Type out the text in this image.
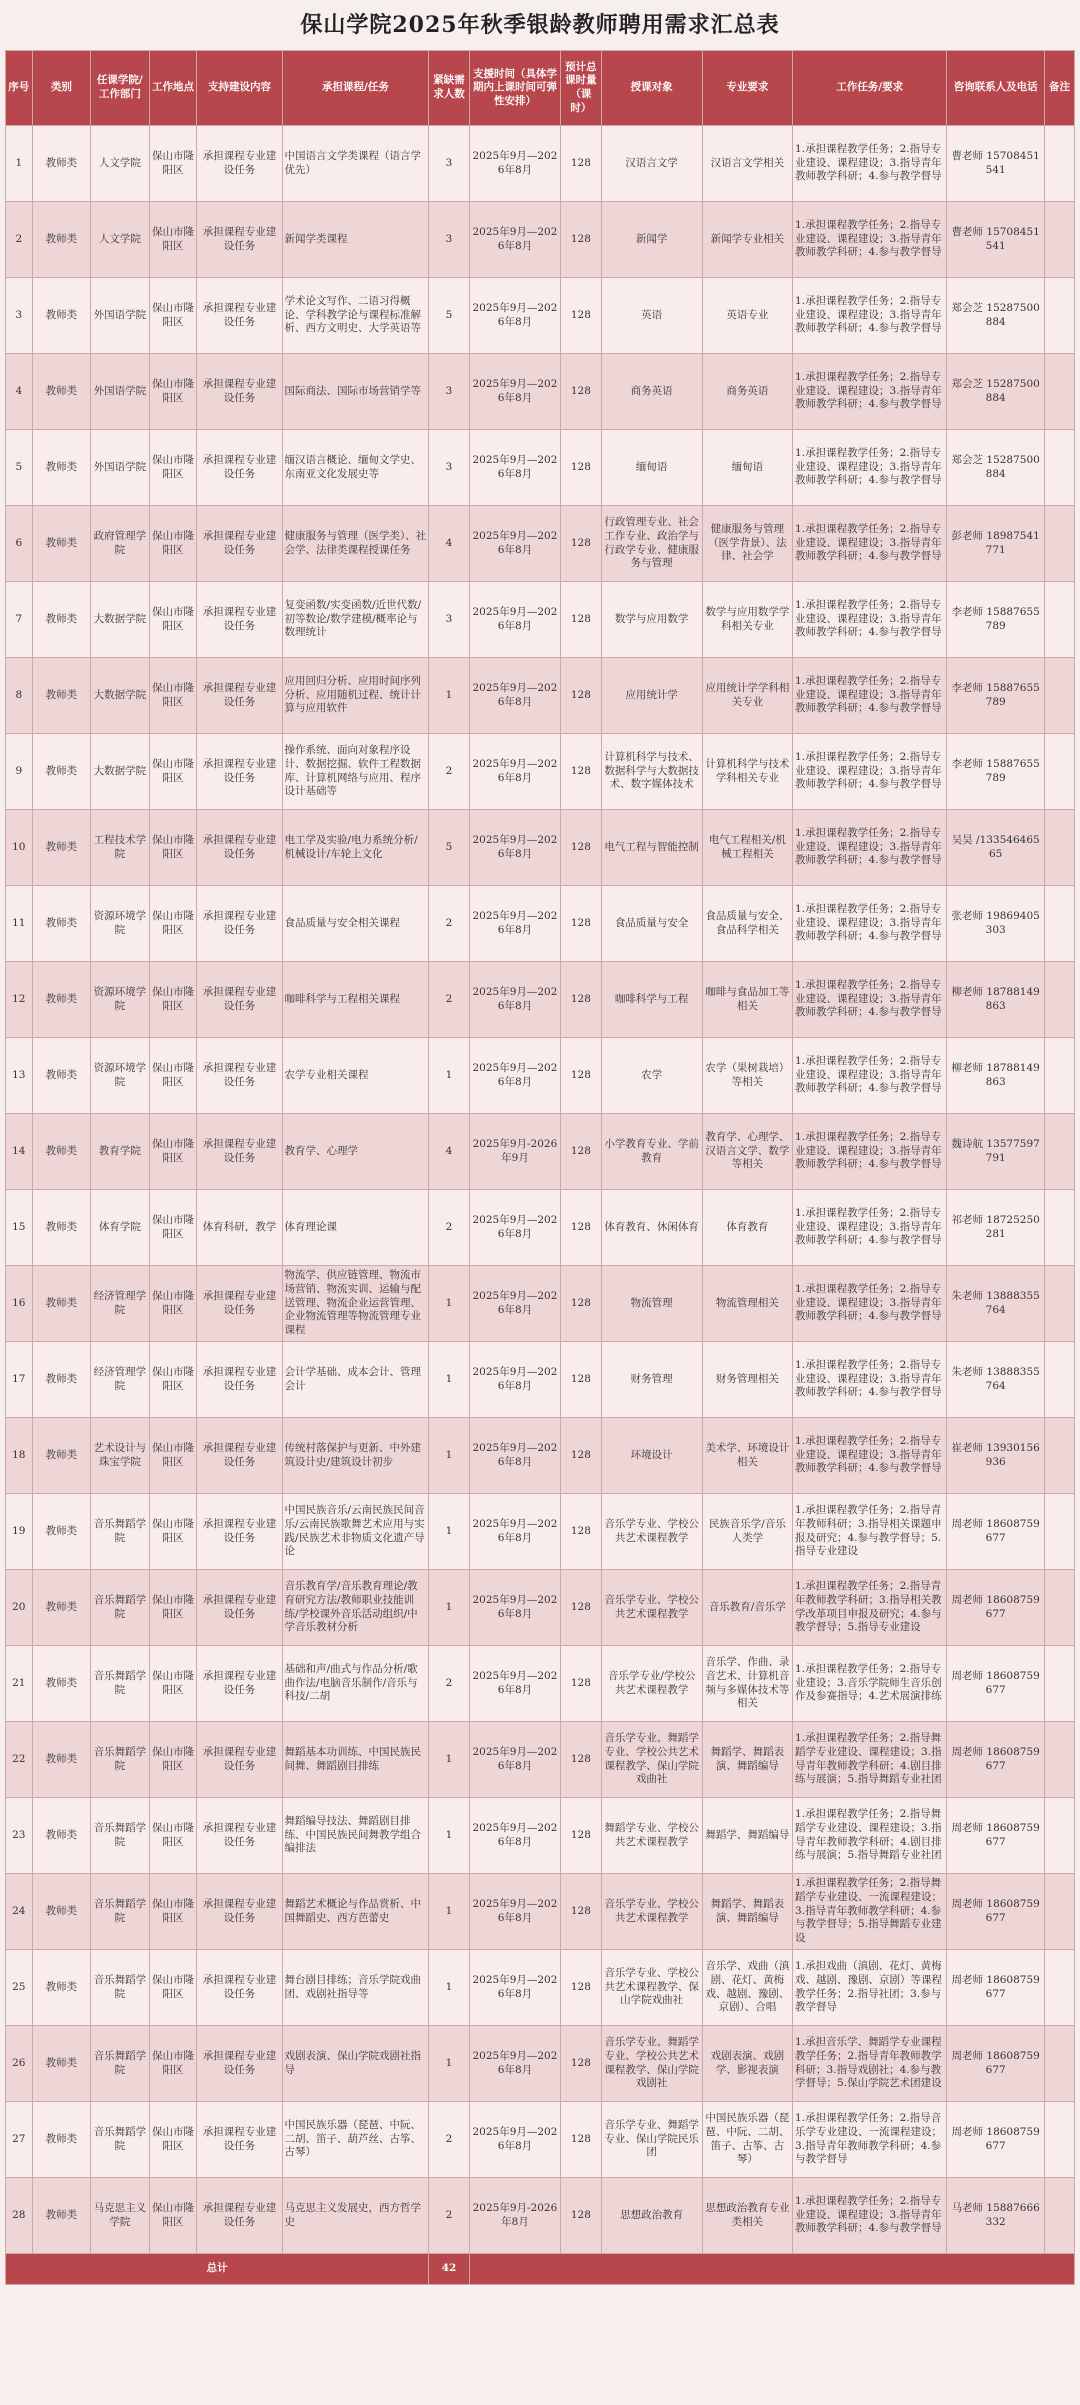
保山学院2025年秋季银龄教师聘用需求汇总表
序号	类别	任课学院/工作部门	工作地点	支持建设内容	承担课程/任务	紧缺需求人数	支援时间（具体学期内上课时间可弹性安排）	预计总课时量（课时）	授课对象	专业要求	工作任务/要求	咨询联系人及电话	备注
1	教师类	人文学院	保山市隆阳区	承担课程专业建设任务	中国语言文学类课程（语言学优先）	3	2025年9月—2026年8月	128	汉语言文学	汉语言文学相关	1.承担课程教学任务；2.指导专业建设、课程建设；3.指导青年教师教学科研；4.参与教学督导	曹老师 15708451541	
2	教师类	人文学院	保山市隆阳区	承担课程专业建设任务	新闻学类课程	3	2025年9月—2026年8月	128	新闻学	新闻学专业相关	1.承担课程教学任务；2.指导专业建设、课程建设；3.指导青年教师教学科研；4.参与教学督导	曹老师 15708451541	
3	教师类	外国语学院	保山市隆阳区	承担课程专业建设任务	学术论文写作、二语习得概论、学科教学论与课程标准解析、西方文明史、大学英语等	5	2025年9月—2026年8月	128	英语	英语专业	1.承担课程教学任务；2.指导专业建设、课程建设；3.指导青年教师教学科研；4.参与教学督导	郑会芝 15287500884	
4	教师类	外国语学院	保山市隆阳区	承担课程专业建设任务	国际商法、国际市场营销学等	3	2025年9月—2026年8月	128	商务英语	商务英语	1.承担课程教学任务；2.指导专业建设、课程建设；3.指导青年教师教学科研；4.参与教学督导	郑会芝 15287500884	
5	教师类	外国语学院	保山市隆阳区	承担课程专业建设任务	缅汉语言概论、缅甸文学史、东南亚文化发展史等	3	2025年9月—2026年8月	128	缅甸语	缅甸语	1.承担课程教学任务；2.指导专业建设、课程建设；3.指导青年教师教学科研；4.参与教学督导	郑会芝 15287500884	
6	教师类	政府管理学院	保山市隆阳区	承担课程专业建设任务	健康服务与管理（医学类）、社会学、法律类课程授课任务	4	2025年9月—2026年8月	128	行政管理专业、社会工作专业、政治学与行政学专业、健康服务与管理	健康服务与管理（医学背景）、法律、社会学	1.承担课程教学任务；2.指导专业建设、课程建设；3.指导青年教师教学科研；4.参与教学督导	彭老师 18987541771	
7	教师类	大数据学院	保山市隆阳区	承担课程专业建设任务	复变函数/实变函数/近世代数/初等数论/数学建模/概率论与数理统计	3	2025年9月—2026年8月	128	数学与应用数学	数学与应用数学学科相关专业	1.承担课程教学任务；2.指导专业建设、课程建设；3.指导青年教师教学科研；4.参与教学督导	李老师 15887655789	
8	教师类	大数据学院	保山市隆阳区	承担课程专业建设任务	应用回归分析、应用时间序列分析、应用随机过程、统计计算与应用软件	1	2025年9月—2026年8月	128	应用统计学	应用统计学学科相关专业	1.承担课程教学任务；2.指导专业建设、课程建设；3.指导青年教师教学科研；4.参与教学督导	李老师 15887655789	
9	教师类	大数据学院	保山市隆阳区	承担课程专业建设任务	操作系统、面向对象程序设计、数据挖掘、软件工程数据库、计算机网络与应用、程序设计基础等	2	2025年9月—2026年8月	128	计算机科学与技术、数据科学与大数据技术、数字媒体技术	计算机科学与技术学科相关专业	1.承担课程教学任务；2.指导专业建设、课程建设；3.指导青年教师教学科研；4.参与教学督导	李老师 15887655789	
10	教师类	工程技术学院	保山市隆阳区	承担课程专业建设任务	电工学及实验/电力系统分析/机械设计/车轮上文化	5	2025年9月—2026年8月	128	电气工程与智能控制	电气工程相关/机械工程相关	1.承担课程教学任务；2.指导专业建设、课程建设；3.指导青年教师教学科研；4.参与教学督导	吴昊 /13354646565	
11	教师类	资源环境学院	保山市隆阳区	承担课程专业建设任务	食品质量与安全相关课程	2	2025年9月—2026年8月	128	食品质量与安全	食品质量与安全、食品科学相关	1.承担课程教学任务；2.指导专业建设、课程建设；3.指导青年教师教学科研；4.参与教学督导	张老师 19869405303	
12	教师类	资源环境学院	保山市隆阳区	承担课程专业建设任务	咖啡科学与工程相关课程	2	2025年9月—2026年8月	128	咖啡科学与工程	咖啡与食品加工等相关	1.承担课程教学任务；2.指导专业建设、课程建设；3.指导青年教师教学科研；4.参与教学督导	柳老师 18788149863	
13	教师类	资源环境学院	保山市隆阳区	承担课程专业建设任务	农学专业相关课程	1	2025年9月—2026年8月	128	农学	农学（果树栽培）等相关	1.承担课程教学任务；2.指导专业建设、课程建设；3.指导青年教师教学科研；4.参与教学督导	柳老师 18788149863	
14	教师类	教育学院	保山市隆阳区	承担课程专业建设任务	教育学、心理学	4	2025年9月-2026年9月	128	小学教育专业、学前教育	教育学、心理学、汉语言文学、数学等相关	1.承担课程教学任务；2.指导专业建设、课程建设；3.指导青年教师教学科研；4.参与教学督导	魏诗航 13577597791	
15	教师类	体育学院	保山市隆阳区	体育科研，教学	体育理论课	2	2025年9月—2026年8月	128	体育教育、休闲体育	体育教育	1.承担课程教学任务；2.指导专业建设、课程建设；3.指导青年教师教学科研；4.参与教学督导	祁老师 18725250281	
16	教师类	经济管理学院	保山市隆阳区	承担课程专业建设任务	物流学、供应链管理、物流市场营销、物流实训、运输与配送管理、物流企业运营管理、企业物流管理等物流管理专业课程	1	2025年9月—2026年8月	128	物流管理	物流管理相关	1.承担课程教学任务；2.指导专业建设、课程建设；3.指导青年教师教学科研；4.参与教学督导	朱老师 13888355764	
17	教师类	经济管理学院	保山市隆阳区	承担课程专业建设任务	会计学基础、成本会计、管理会计	1	2025年9月—2026年8月	128	财务管理	财务管理相关	1.承担课程教学任务；2.指导专业建设、课程建设；3.指导青年教师教学科研；4.参与教学督导	朱老师 13888355764	
18	教师类	艺术设计与珠宝学院	保山市隆阳区	承担课程专业建设任务	传统村落保护与更新、中外建筑设计史/建筑设计初步	1	2025年9月—2026年8月	128	环境设计	美术学、环境设计相关	1.承担课程教学任务；2.指导专业建设、课程建设；3.指导青年教师教学科研；4.参与教学督导	崔老师 13930156936	
19	教师类	音乐舞蹈学院	保山市隆阳区	承担课程专业建设任务	中国民族音乐/云南民族民间音乐/云南民族歌舞艺术应用与实践/民族艺术非物质文化遗产导论	1	2025年9月—2026年8月	128	音乐学专业、学校公共艺术课程教学	民族音乐学/音乐人类学	1.承担课程教学任务；2.指导青年教师科研；3.指导相关课题申报及研究；4.参与教学督导；5.指导专业建设	周老师 18608759677	
20	教师类	音乐舞蹈学院	保山市隆阳区	承担课程专业建设任务	音乐教育学/音乐教育理论/教育研究方法/教师职业技能训练/学校课外音乐活动组织/中学音乐教材分析	1	2025年9月—2026年8月	128	音乐学专业、学校公共艺术课程教学	音乐教育/音乐学	1.承担课程教学任务；2.指导青年教师教学科研；3.指导相关教学改革项目申报及研究；4.参与教学督导；5.指导专业建设	周老师 18608759677	
21	教师类	音乐舞蹈学院	保山市隆阳区	承担课程专业建设任务	基础和声/曲式与作品分析/歌曲作法/电脑音乐制作/音乐与科技/二胡	2	2025年9月—2026年8月	128	音乐学专业/学校公共艺术课程教学	音乐学、作曲、录音艺术、计算机音频与多媒体技术等相关	1.承担课程教学任务；2.指导专业建设；3.音乐学院师生音乐创作及参赛指导；4.艺术展演排练	周老师 18608759677	
22	教师类	音乐舞蹈学院	保山市隆阳区	承担课程专业建设任务	舞蹈基本功训练、中国民族民间舞、舞蹈剧目排练	1	2025年9月—2026年8月	128	音乐学专业、舞蹈学专业、学校公共艺术课程教学、保山学院戏曲社	舞蹈学、舞蹈表演、舞蹈编导	1.承担课程教学任务；2.指导舞蹈学专业建设、课程建设；3.指导青年教师教学科研；4.剧目排练与展演；5.指导舞蹈专业社团	周老师 18608759677	
23	教师类	音乐舞蹈学院	保山市隆阳区	承担课程专业建设任务	舞蹈编导技法、舞蹈剧目排练、中国民族民间舞教学组合编排法	1	2025年9月—2026年8月	128	舞蹈学专业、学校公共艺术课程教学	舞蹈学、舞蹈编导	1.承担课程教学任务；2.指导舞蹈学专业建设、课程建设；3.指导青年教师教学科研；4.剧目排练与展演；5.指导舞蹈专业社团	周老师 18608759677	
24	教师类	音乐舞蹈学院	保山市隆阳区	承担课程专业建设任务	舞蹈艺术概论与作品赏析、中国舞蹈史、西方芭蕾史	1	2025年9月—2026年8月	128	音乐学专业、学校公共艺术课程教学	舞蹈学、舞蹈表演、舞蹈编导	1.承担课程教学任务；2.指导舞蹈学专业建设、一流课程建设；3.指导青年教师教学科研；4.参与教学督导；5.指导舞蹈专业建设	周老师 18608759677	
25	教师类	音乐舞蹈学院	保山市隆阳区	承担课程专业建设任务	舞台剧目排练；音乐学院戏曲团、戏剧社指导等	1	2025年9月—2026年8月	128	音乐学专业、学校公共艺术课程教学、保山学院戏曲社	音乐学、戏曲（滇剧、花灯、黄梅戏、越剧、豫剧、京剧）、合唱	1.承担戏曲（滇剧、花灯、黄梅戏、越剧、豫剧、京剧）等课程教学任务；2.指导社团；3.参与教学督导	周老师 18608759677	
26	教师类	音乐舞蹈学院	保山市隆阳区	承担课程专业建设任务	戏剧表演、保山学院戏剧社指导	1	2025年9月—2026年8月	128	音乐学专业、舞蹈学专业、学校公共艺术课程教学、保山学院戏剧社	戏剧表演、戏剧学、影视表演	1.承担音乐学、舞蹈学专业课程教学任务；2.指导青年教师教学科研；3.指导戏剧社；4.参与教学督导；5.保山学院艺术团建设	周老师 18608759677	
27	教师类	音乐舞蹈学院	保山市隆阳区	承担课程专业建设任务	中国民族乐器（琵琶、中阮、二胡、笛子、葫芦丝、古筝、古琴）	2	2025年9月—2026年8月	128	音乐学专业、舞蹈学专业、保山学院民乐团	中国民族乐器（琵琶、中阮、二胡、笛子、古筝、古琴）	1.承担课程教学任务；2.指导音乐学专业建设、一流课程建设；3.指导青年教师教学科研；4.参与教学督导	周老师 18608759677	
28	教师类	马克思主义学院	保山市隆阳区	承担课程专业建设任务	马克思主义发展史，西方哲学史	2	2025年9月-2026年8月	128	思想政治教育	思想政治教育专业类相关	1.承担课程教学任务；2.指导专业建设、课程建设；3.指导青年教师教学科研；4.参与教学督导	马老师 15887666332	
总计						42							
